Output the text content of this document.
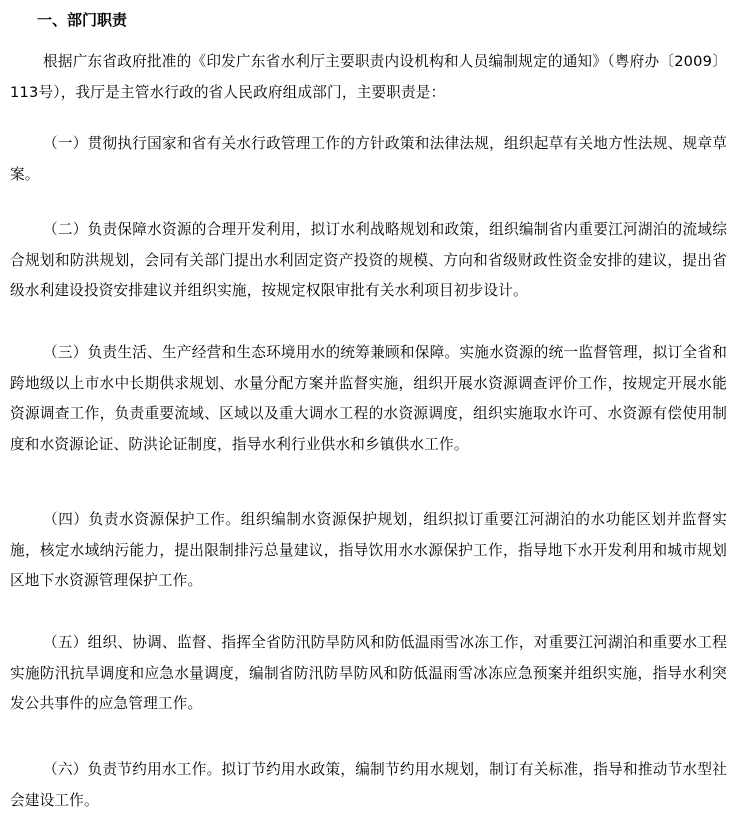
一、部门职责

根据广东省政府批准的《印发广东省水利厅主要职责内设机构和人员编制规定的通知》（粤府办〔2009〕113号），我厅是主管水行政的省人民政府组成部门，主要职责是：

（一）贯彻执行国家和省有关水行政管理工作的方针政策和法律法规，组织起草有关地方性法规、规章草案。

（二）负责保障水资源的合理开发利用，拟订水利战略规划和政策，组织编制省内重要江河湖泊的流域综合规划和防洪规划，会同有关部门提出水利固定资产投资的规模、方向和省级财政性资金安排的建议，提出省级水利建设投资安排建议并组织实施，按规定权限审批有关水利项目初步设计。

（三）负责生活、生产经营和生态环境用水的统筹兼顾和保障。实施水资源的统一监督管理，拟订全省和跨地级以上市水中长期供求规划、水量分配方案并监督实施，组织开展水资源调查评价工作，按规定开展水能资源调查工作，负责重要流域、区域以及重大调水工程的水资源调度，组织实施取水许可、水资源有偿使用制度和水资源论证、防洪论证制度，指导水利行业供水和乡镇供水工作。

（四）负责水资源保护工作。组织编制水资源保护规划，组织拟订重要江河湖泊的水功能区划并监督实施，核定水域纳污能力，提出限制排污总量建议，指导饮用水水源保护工作，指导地下水开发利用和城市规划区地下水资源管理保护工作。

（五）组织、协调、监督、指挥全省防汛防旱防风和防低温雨雪冰冻工作，对重要江河湖泊和重要水工程实施防汛抗旱调度和应急水量调度，编制省防汛防旱防风和防低温雨雪冰冻应急预案并组织实施，指导水利突发公共事件的应急管理工作。

（六）负责节约用水工作。拟订节约用水政策，编制节约用水规划，制订有关标准，指导和推动节水型社会建设工作。
